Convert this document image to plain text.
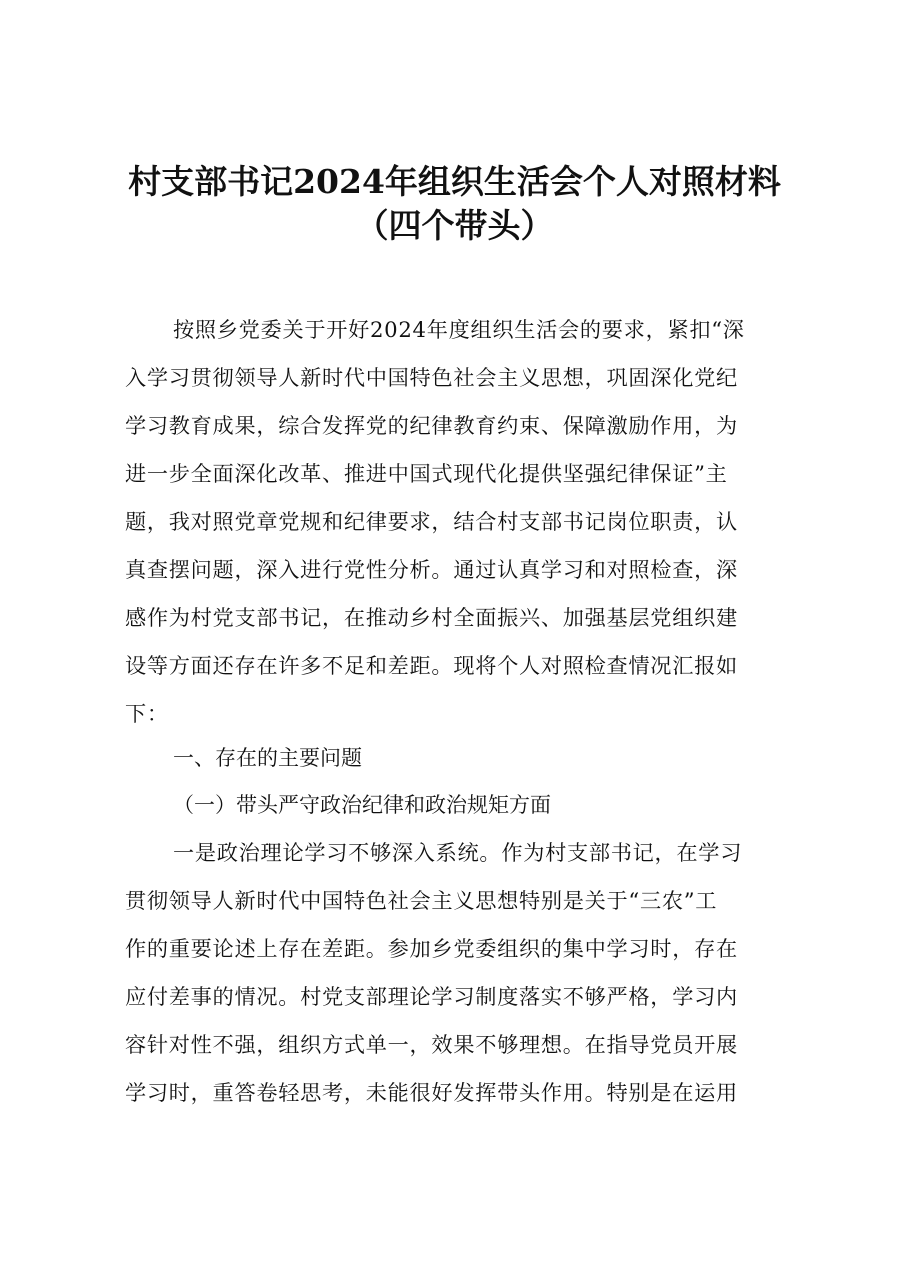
村支部书记2024年组织生活会个人对照材料
（四个带头）
按照乡党委关于开好2024年度组织生活会的要求，紧扣“深
入学习贯彻领导人新时代中国特色社会主义思想，巩固深化党纪
学习教育成果，综合发挥党的纪律教育约束、保障激励作用，为
进一步全面深化改革、推进中国式现代化提供坚强纪律保证”主
题，我对照党章党规和纪律要求，结合村支部书记岗位职责，认
真查摆问题，深入进行党性分析。通过认真学习和对照检查，深
感作为村党支部书记，在推动乡村全面振兴、加强基层党组织建
设等方面还存在许多不足和差距。现将个人对照检查情况汇报如
下：
一、存在的主要问题
（一）带头严守政治纪律和政治规矩方面
一是政治理论学习不够深入系统。作为村支部书记，在学习
贯彻领导人新时代中国特色社会主义思想特别是关于“三农”工
作的重要论述上存在差距。参加乡党委组织的集中学习时，存在
应付差事的情况。村党支部理论学习制度落实不够严格，学习内
容针对性不强，组织方式单一，效果不够理想。在指导党员开展
学习时，重答卷轻思考，未能很好发挥带头作用。特别是在运用
